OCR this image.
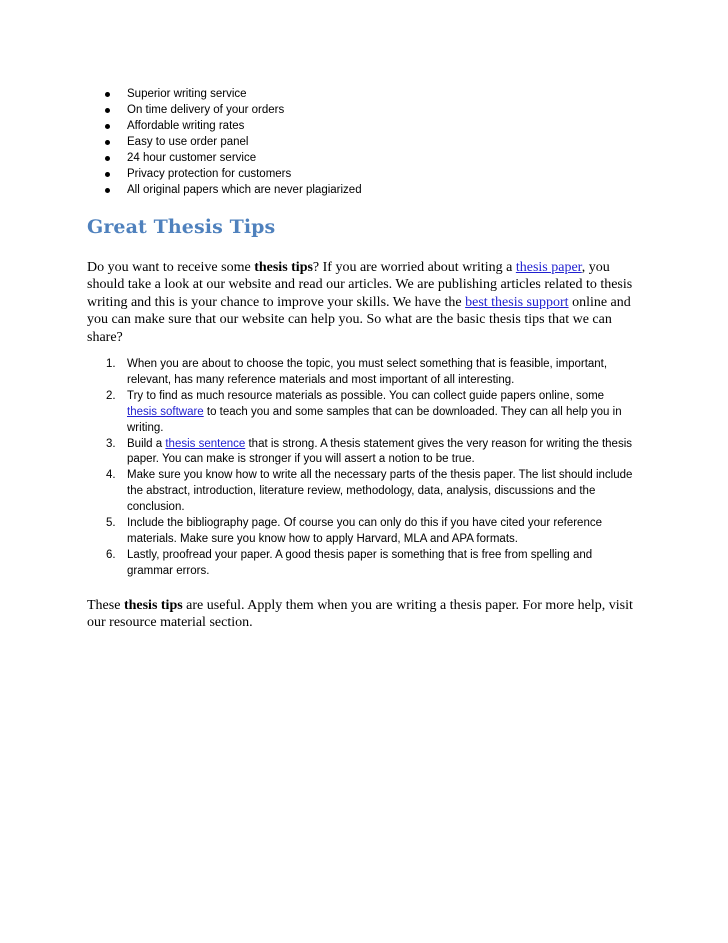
Superior writing service
On time delivery of your orders
Affordable writing rates
Easy to use order panel
24 hour customer service
Privacy protection for customers
All original papers which are never plagiarized
Great Thesis Tips

Do you want to receive some thesis tips? If you are worried about writing a thesis paper, you should take a look at our website and read our articles. We are publishing articles related to thesis writing and this is your chance to improve your skills. We have the best thesis support online and you can make sure that our website can help you. So what are the basic thesis tips that we can share?

1. When you are about to choose the topic, you must select something that is feasible, important, relevant, has many reference materials and most important of all interesting.
2. Try to find as much resource materials as possible. You can collect guide papers online, some thesis software to teach you and some samples that can be downloaded. They can all help you in writing.
3. Build a thesis sentence that is strong. A thesis statement gives the very reason for writing the thesis paper. You can make is stronger if you will assert a notion to be true.
4. Make sure you know how to write all the necessary parts of the thesis paper. The list should include the abstract, introduction, literature review, methodology, data, analysis, discussions and the conclusion.
5. Include the bibliography page. Of course you can only do this if you have cited your reference materials. Make sure you know how to apply Harvard, MLA and APA formats.
6. Lastly, proofread your paper. A good thesis paper is something that is free from spelling and grammar errors.

These thesis tips are useful. Apply them when you are writing a thesis paper. For more help, visit our resource material section.
